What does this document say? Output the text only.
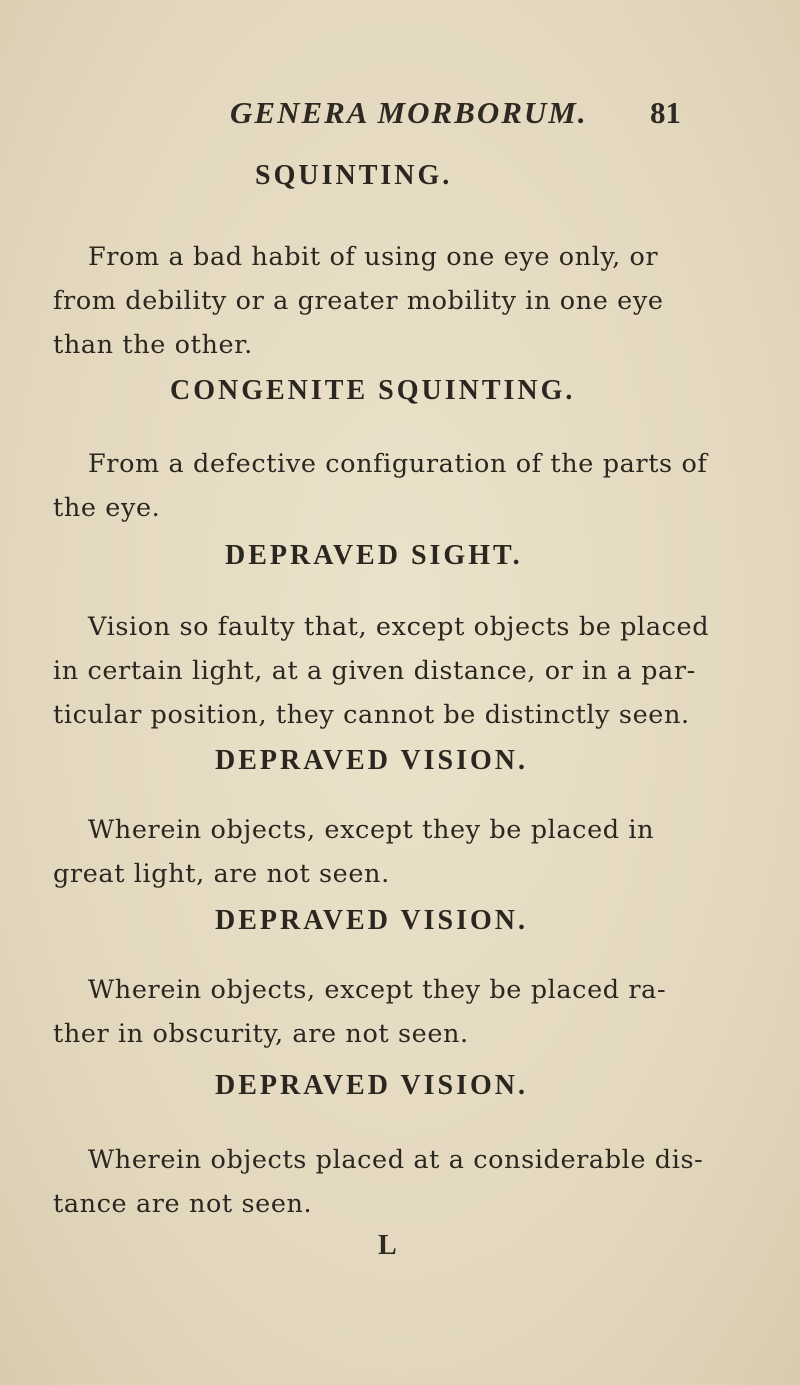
GENERA MORBORUM. 81
SQUINTING.
From a bad habit of using one eye only, or
from debility or a greater mobility in one eye
than the other.
CONGENITE SQUINTING.
From a defective configuration of the parts of
the eye.
DEPRAVED SIGHT.
Vision so faulty that, except objects be placed
in certain light, at a given distance, or in a par-
ticular position, they cannot be distinctly seen.
DEPRAVED VISION.
Wherein objects, except they be placed in
great light, are not seen.
DEPRAVED VISION.
Wherein objects, except they be placed ra-
ther in obscurity, are not seen.
DEPRAVED VISION.
Wherein objects placed at a considerable dis-
tance are not seen.
L
